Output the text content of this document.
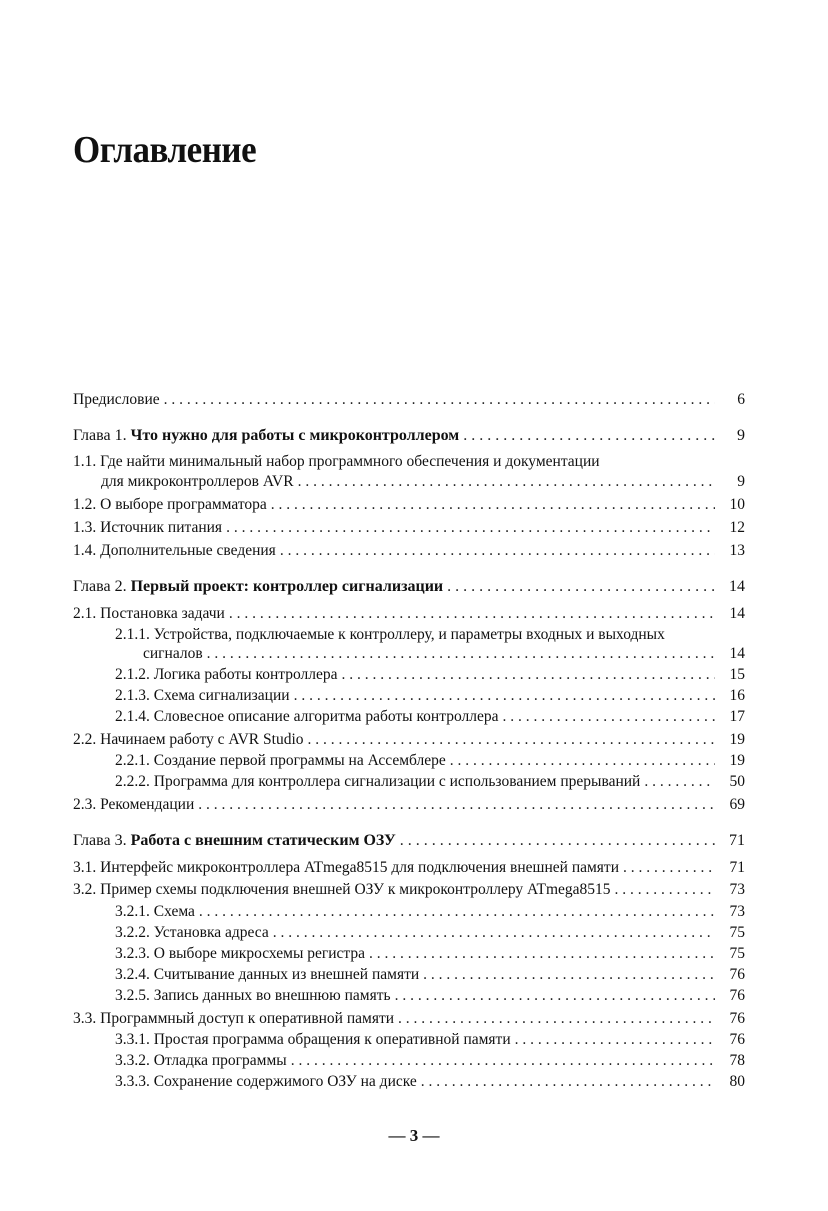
Оглавление
Предисловие . . .	6
Глава 1. Что нужно для работы с микроконтроллером . . .	9
1.1. Где найти минимальный набор программного обеспечения и документации
для микроконтроллеров AVR . . .	9
1.2. О выборе программатора . . .	10
1.3. Источник питания . . .	12
1.4. Дополнительные сведения . . .	13
Глава 2. Первый проект: контроллер сигнализации . . .	14
2.1. Постановка задачи . . .	14
2.1.1. Устройства, подключаемые к контроллеру, и параметры входных и выходных
сигналов . . .	14
2.1.2. Логика работы контроллера . . .	15
2.1.3. Схема сигнализации . . .	16
2.1.4. Словесное описание алгоритма работы контроллера . . .	17
2.2. Начинаем работу с AVR Studio . . .	19
2.2.1. Создание первой программы на Ассемблере . . .	19
2.2.2. Программа для контроллера сигнализации с использованием прерываний . . .	50
2.3. Рекомендации . . .	69
Глава 3. Работа с внешним статическим ОЗУ . . .	71
3.1. Интерфейс микроконтроллера ATmega8515 для подключения внешней памяти . . .	71
3.2. Пример схемы подключения внешней ОЗУ к микроконтроллеру ATmega8515 . . .	73
3.2.1. Схема . . .	73
3.2.2. Установка адреса . . .	75
3.2.3. О выборе микросхемы регистра . . .	75
3.2.4. Считывание данных из внешней памяти . . .	76
3.2.5. Запись данных во внешнюю память . . .	76
3.3. Программный доступ к оперативной памяти . . .	76
3.3.1. Простая программа обращения к оперативной памяти . . .	76
3.3.2. Отладка программы . . .	78
3.3.3. Сохранение содержимого ОЗУ на диске . . .	80
— 3 —
